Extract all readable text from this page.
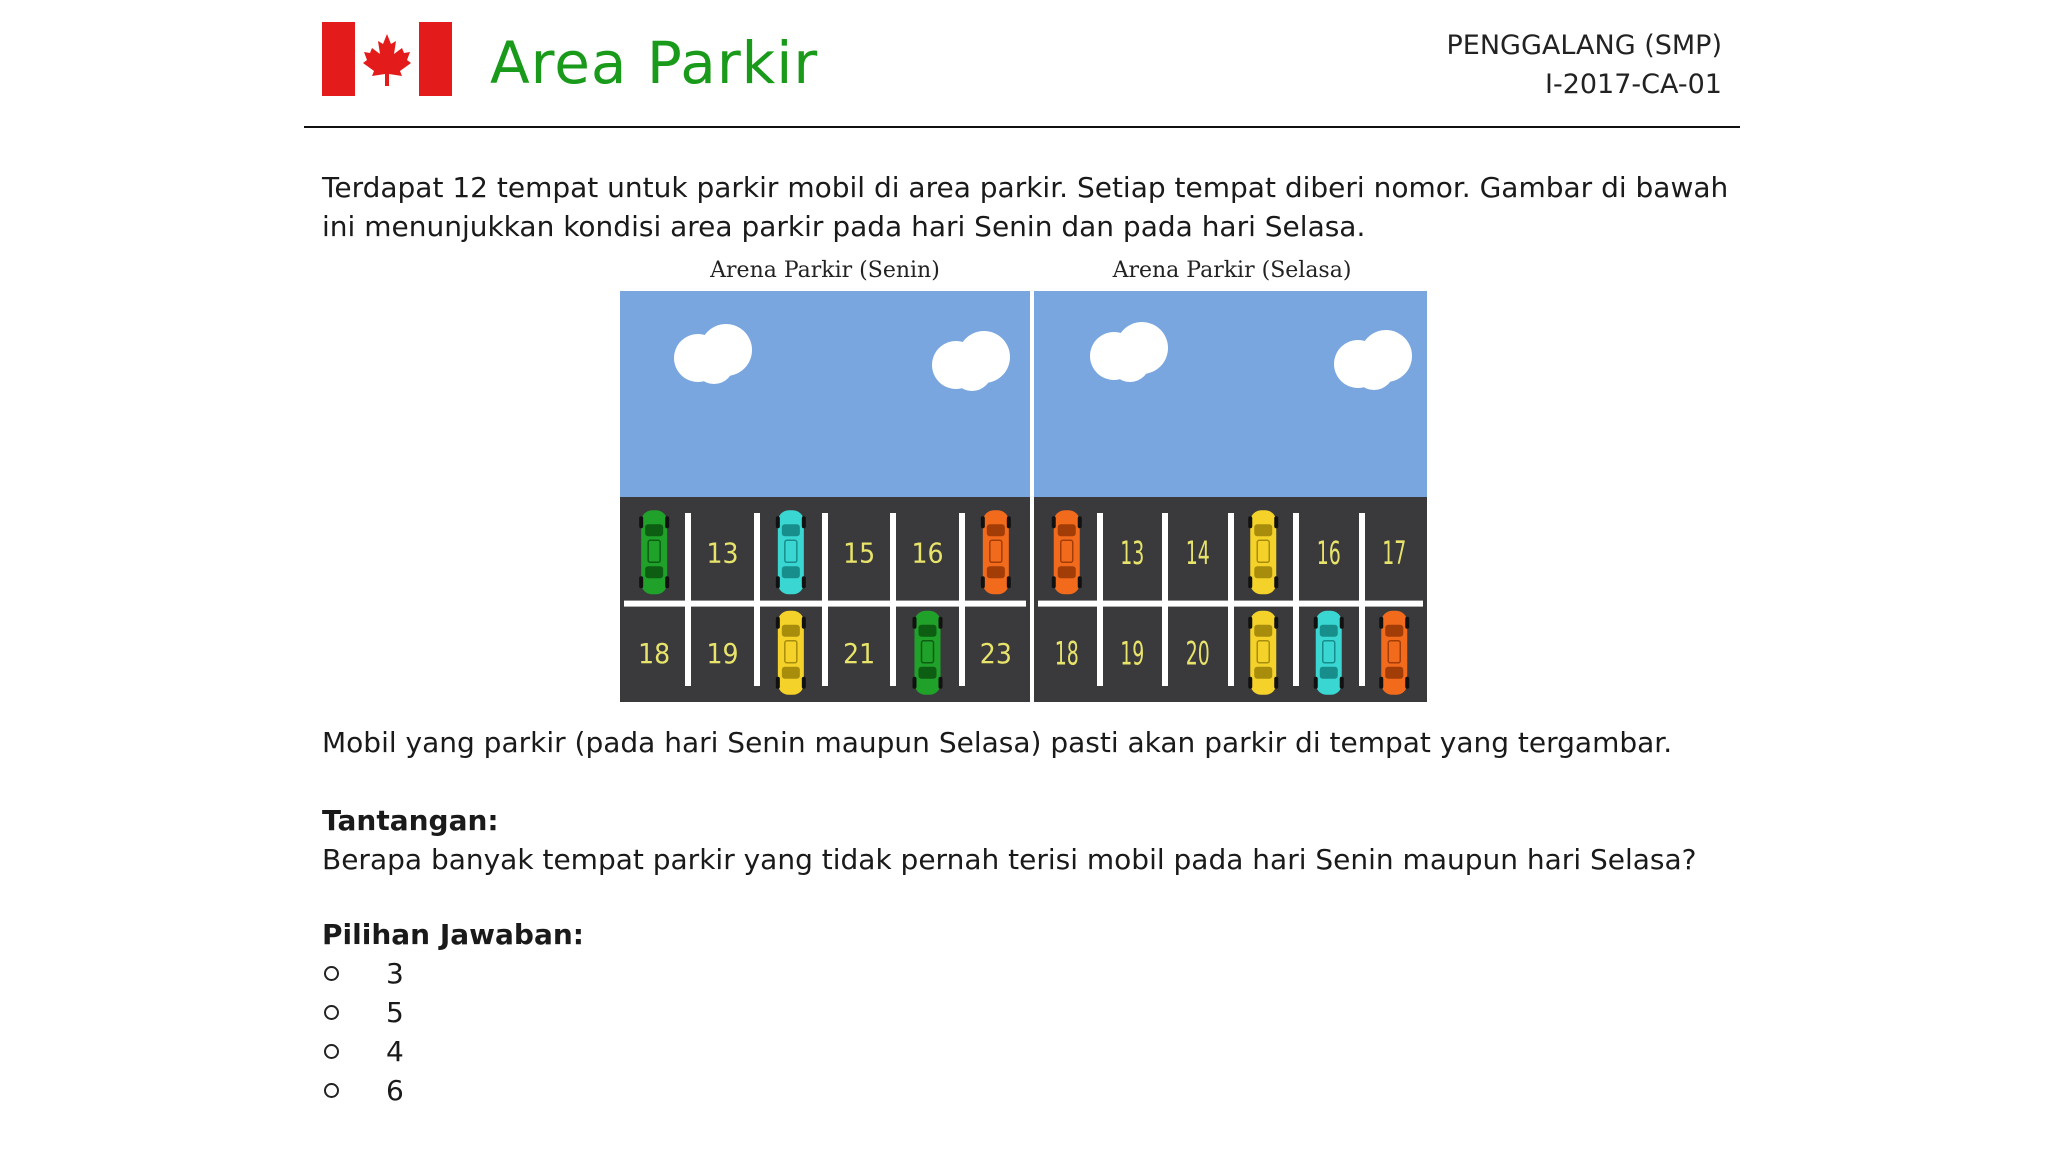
Area Parkir	PENGGALANG (SMP)
I-2017-CA-01
Terdapat 12 tempat untuk parkir mobil di area parkir. Setiap tempat diberi nomor. Gambar di bawah ini menunjukkan kondisi area parkir pada hari Senin dan pada hari Selasa.
Arena Parkir (Senin)	Arena Parkir (Selasa)
13	15 16
18 19	21	23
13 14	16 17
18 19 20
Mobil yang parkir (pada hari Senin maupun Selasa) pasti akan parkir di tempat yang tergambar.
Tantangan:
Berapa banyak tempat parkir yang tidak pernah terisi mobil pada hari Senin maupun hari Selasa?
Pilihan Jawaban:
3
5
4
6
